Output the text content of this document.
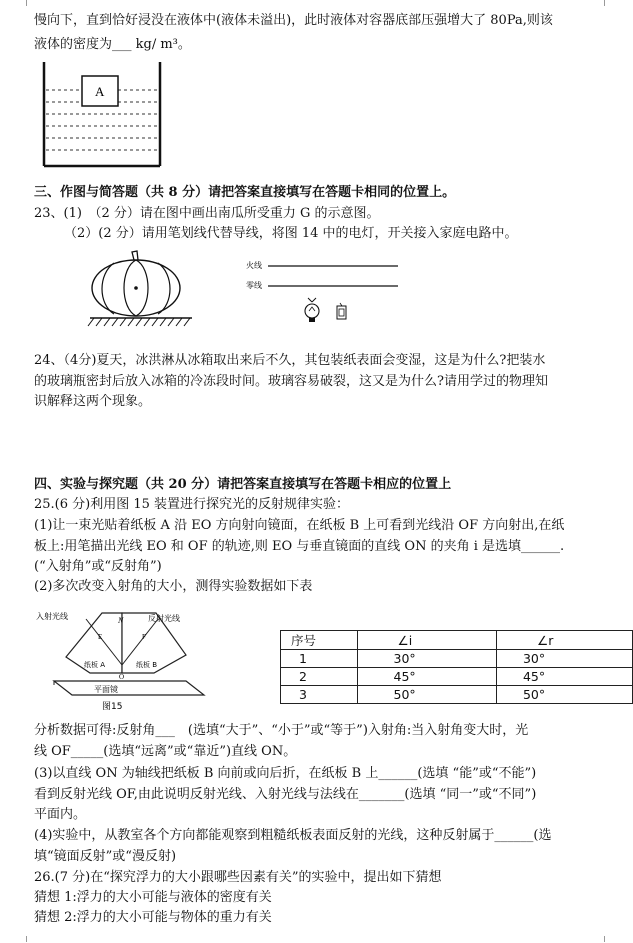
慢向下，直到恰好浸没在液体中(液体未溢出)，此时液体对容器底部压强增大了 80Pa,则该
液体的密度为___ kg/ m³。
A
三、作图与简答题（共 8 分）请把答案直接填写在答题卡相同的位置上。
23、(1)　（2 分）请在图中画出南瓜所受重力 G 的示意图。
（2）(2 分）请用笔划线代替导线，将图 14 中的电灯，开关接入家庭电路中。
火线
零线
24、（4分)夏天，冰洪淋从冰箱取出来后不久，其包装纸表面会变湿，这是为什么?把装水
的玻璃瓶密封后放入冰箱的冷冻段时间。玻璃容易破裂，这又是为什么?请用学过的物理知
识解释这两个现象。
四、实验与探究题（共 20 分）请把答案直接填写在答题卡相应的位置上
25.(6 分)利用图 15 装置进行探究光的反射规律实验：
(1)让一束光贴着纸板 A 沿 EO 方向射向镜面，在纸板 B 上可看到光线沿 OF 方向射出,在纸
板上:用笔描出光线 EO 和 OF 的轨迹,则 EO 与垂直镜面的直线 ON 的夹角 i 是选填______.
(“入射角”或“反射角”)
(2)多次改变入射角的大小，测得实验数据如下表
入射光线	反射光线
N
E	F
O
纸板 A	纸板 B
平面镜
图15
序号	∠i	∠r
1	30°	30°
2	45°	45°
3	50°	50°
分析数据可得:反射角___　(选填“大于”、“小于”或“等于”)入射角:当入射角变大时，光
线 OF_____(选填“远离”或“靠近”)直线 ON。
(3)以直线 ON 为轴线把纸板 B 向前或向后折，在纸板 B 上______(选填 “能”或“不能”)
看到反射光线 OF,由此说明反射光线、入射光线与法线在_______(选填 “同一”或“不同”)
平面内。
(4)实验中，从教室各个方向都能观察到粗糙纸板表面反射的光线，这种反射属于______(选
填“镜面反射”或“漫反射)
26.(7 分)在“探究浮力的大小跟哪些因素有关”的实验中，提出如下猜想
猜想 1:浮力的大小可能与液体的密度有关
猜想 2:浮力的大小可能与物体的重力有关
